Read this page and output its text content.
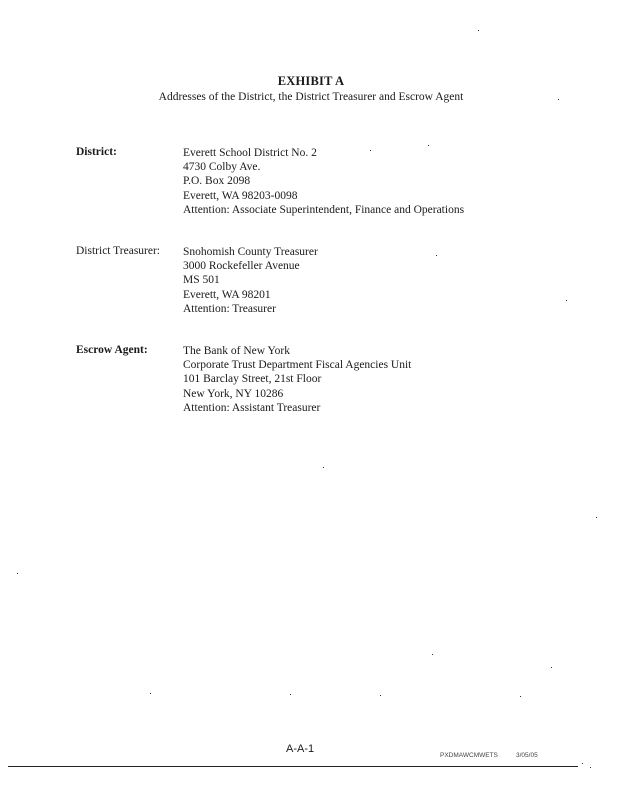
EXHIBIT A
Addresses of the District, the District Treasurer and Escrow Agent
District:	Everett School District No. 2
4730 Colby Ave.
P.O. Box 2098
Everett, WA 98203-0098
Attention: Associate Superintendent, Finance and Operations
District Treasurer: Snohomish County Treasurer
3000 Rockefeller Avenue
MS 501
Everett, WA 98201
Attention: Treasurer
Escrow Agent:	The Bank of New York
Corporate Trust Department Fiscal Agencies Unit
101 Barclay Street, 21st Floor
New York, NY 10286
Attention: Assistant Treasurer
A-A-1
PXDMAWCMWETS	3/05/05
